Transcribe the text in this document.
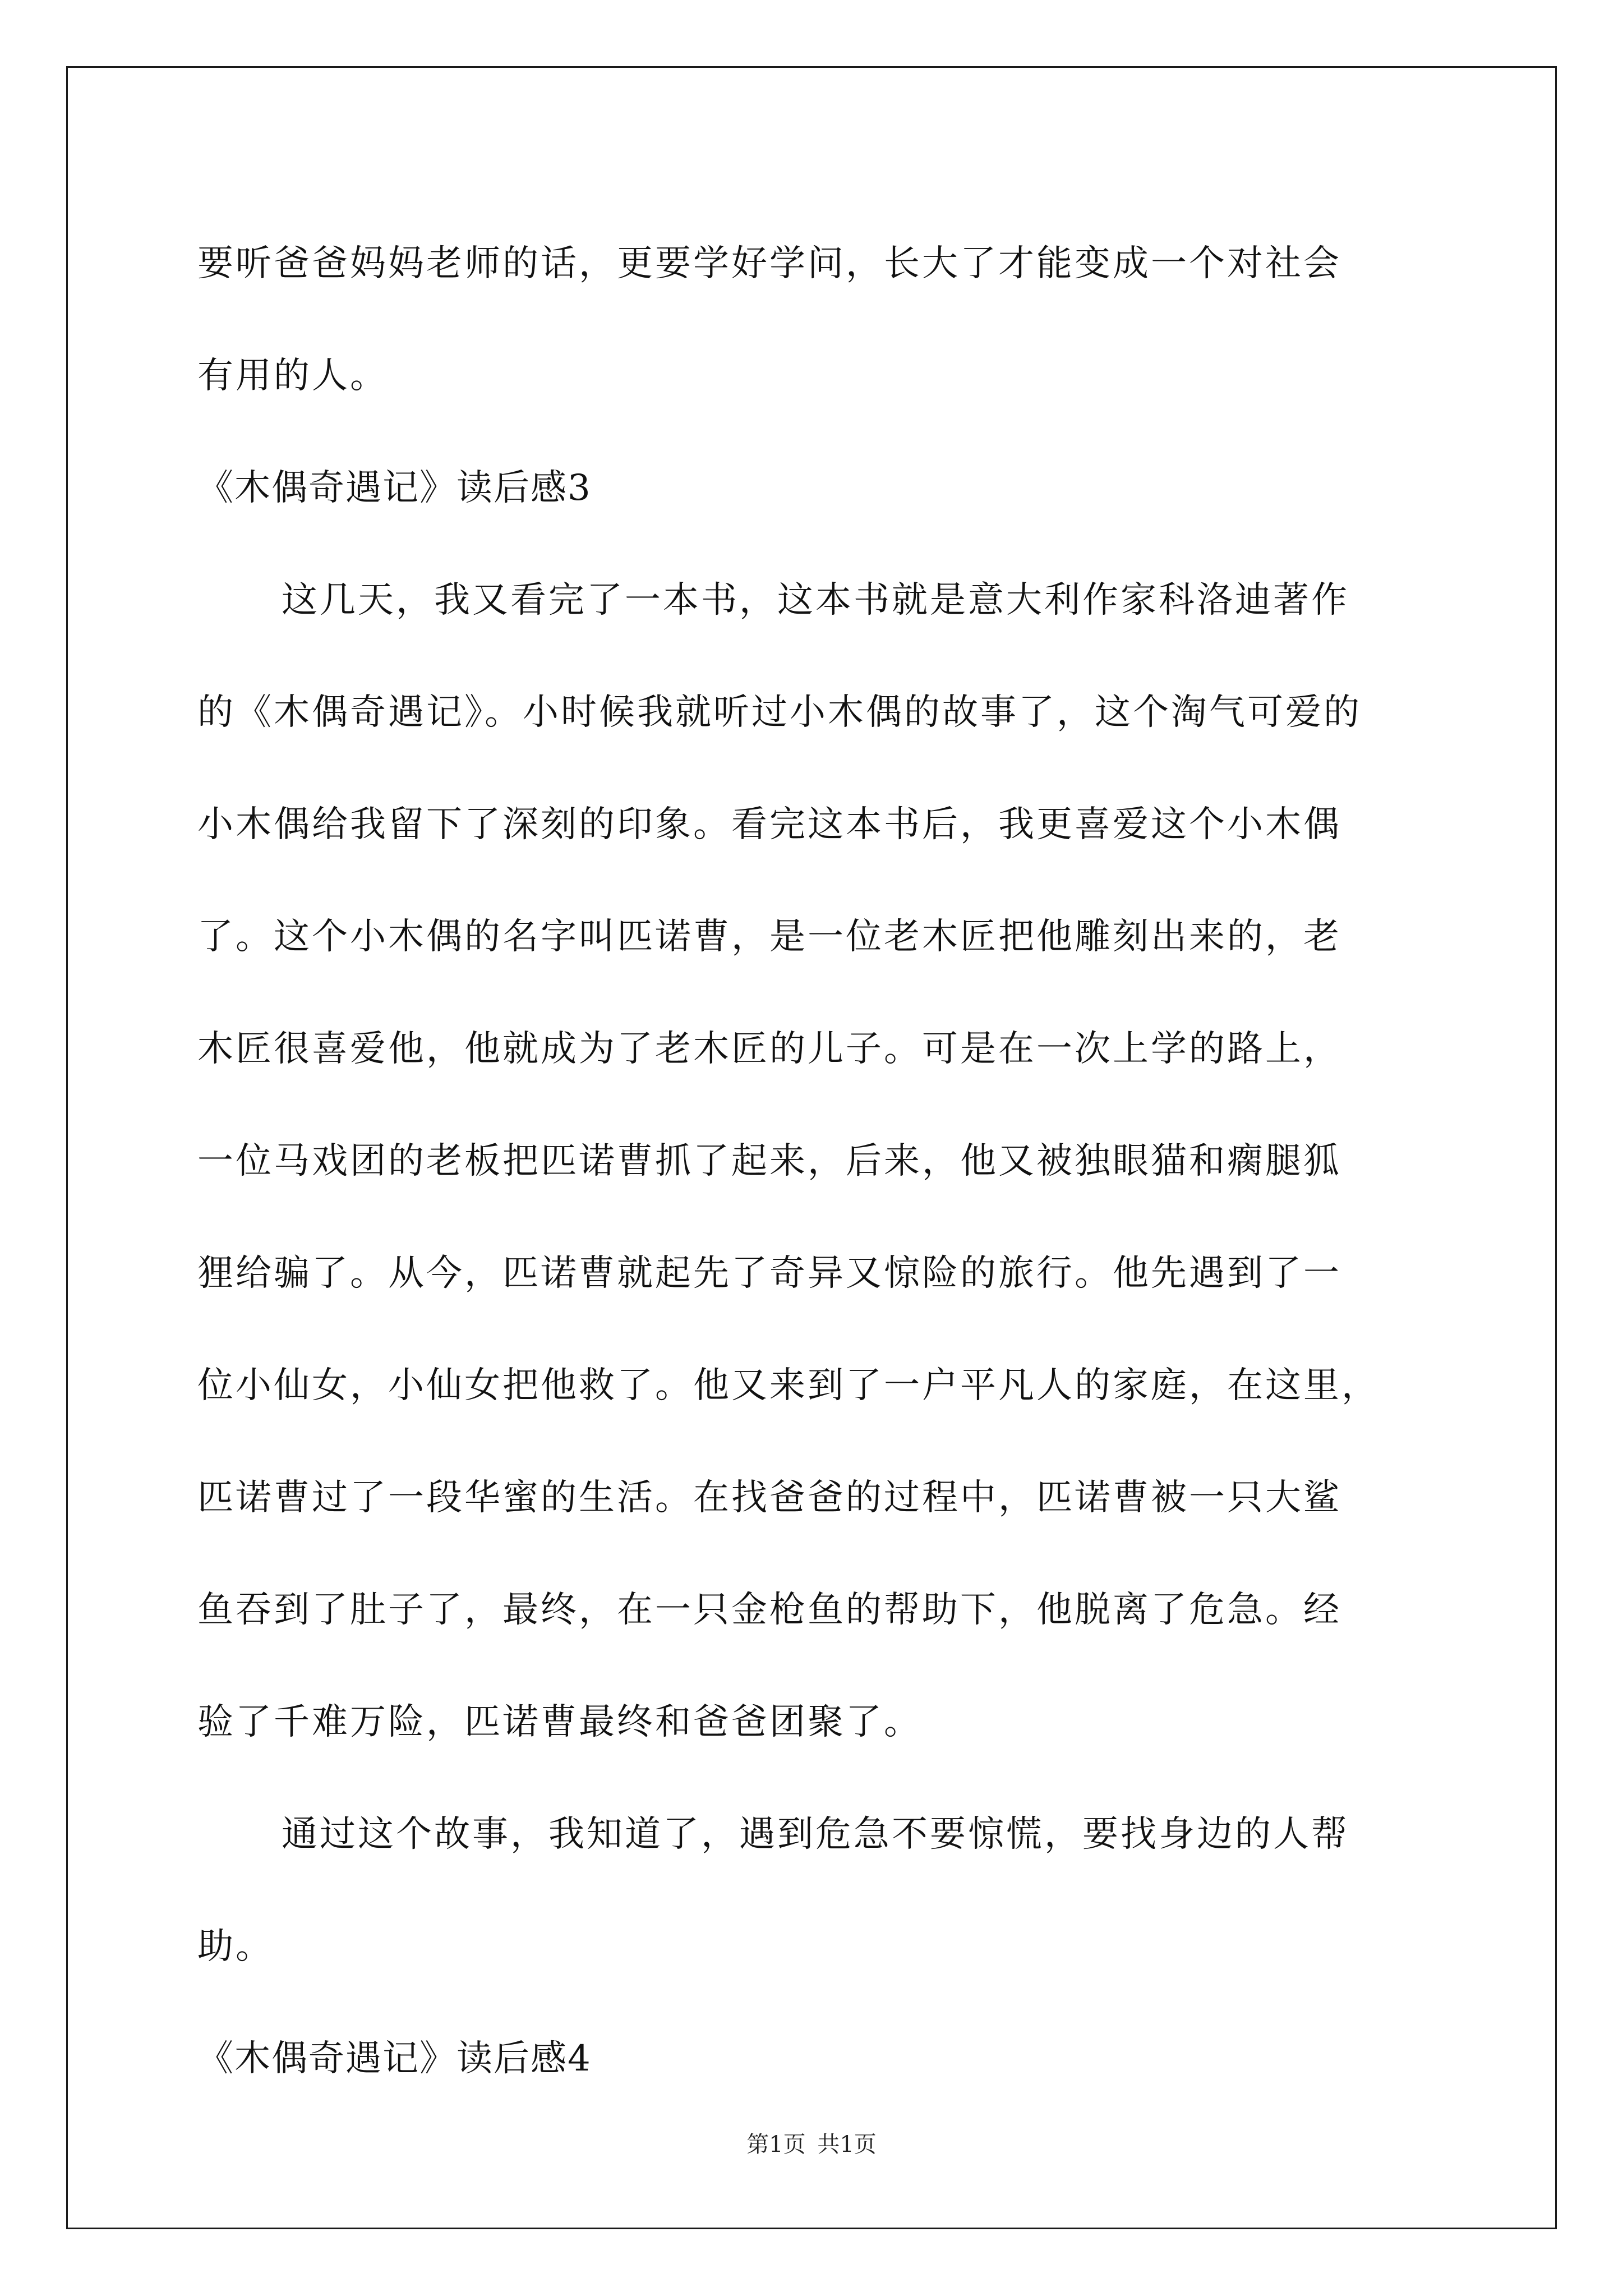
要听爸爸妈妈老师的话，更要学好学问，长大了才能变成一个对社会
有用的人。
《木偶奇遇记》读后感3
这几天，我又看完了一本书，这本书就是意大利作家科洛迪著作
的《木偶奇遇记》。小时候我就听过小木偶的故事了，这个淘气可爱的
小木偶给我留下了深刻的印象。看完这本书后，我更喜爱这个小木偶
了。这个小木偶的名字叫匹诺曹，是一位老木匠把他雕刻出来的，老
木匠很喜爱他，他就成为了老木匠的儿子。可是在一次上学的路上，
一位马戏团的老板把匹诺曹抓了起来，后来，他又被独眼猫和瘸腿狐
狸给骗了。从今，匹诺曹就起先了奇异又惊险的旅行。他先遇到了一
位小仙女，小仙女把他救了。他又来到了一户平凡人的家庭，在这里，
匹诺曹过了一段华蜜的生活。在找爸爸的过程中，匹诺曹被一只大鲨
鱼吞到了肚子了，最终，在一只金枪鱼的帮助下，他脱离了危急。经
验了千难万险，匹诺曹最终和爸爸团聚了。
通过这个故事，我知道了，遇到危急不要惊慌，要找身边的人帮
助。
《木偶奇遇记》读后感4
第1页 共1页
